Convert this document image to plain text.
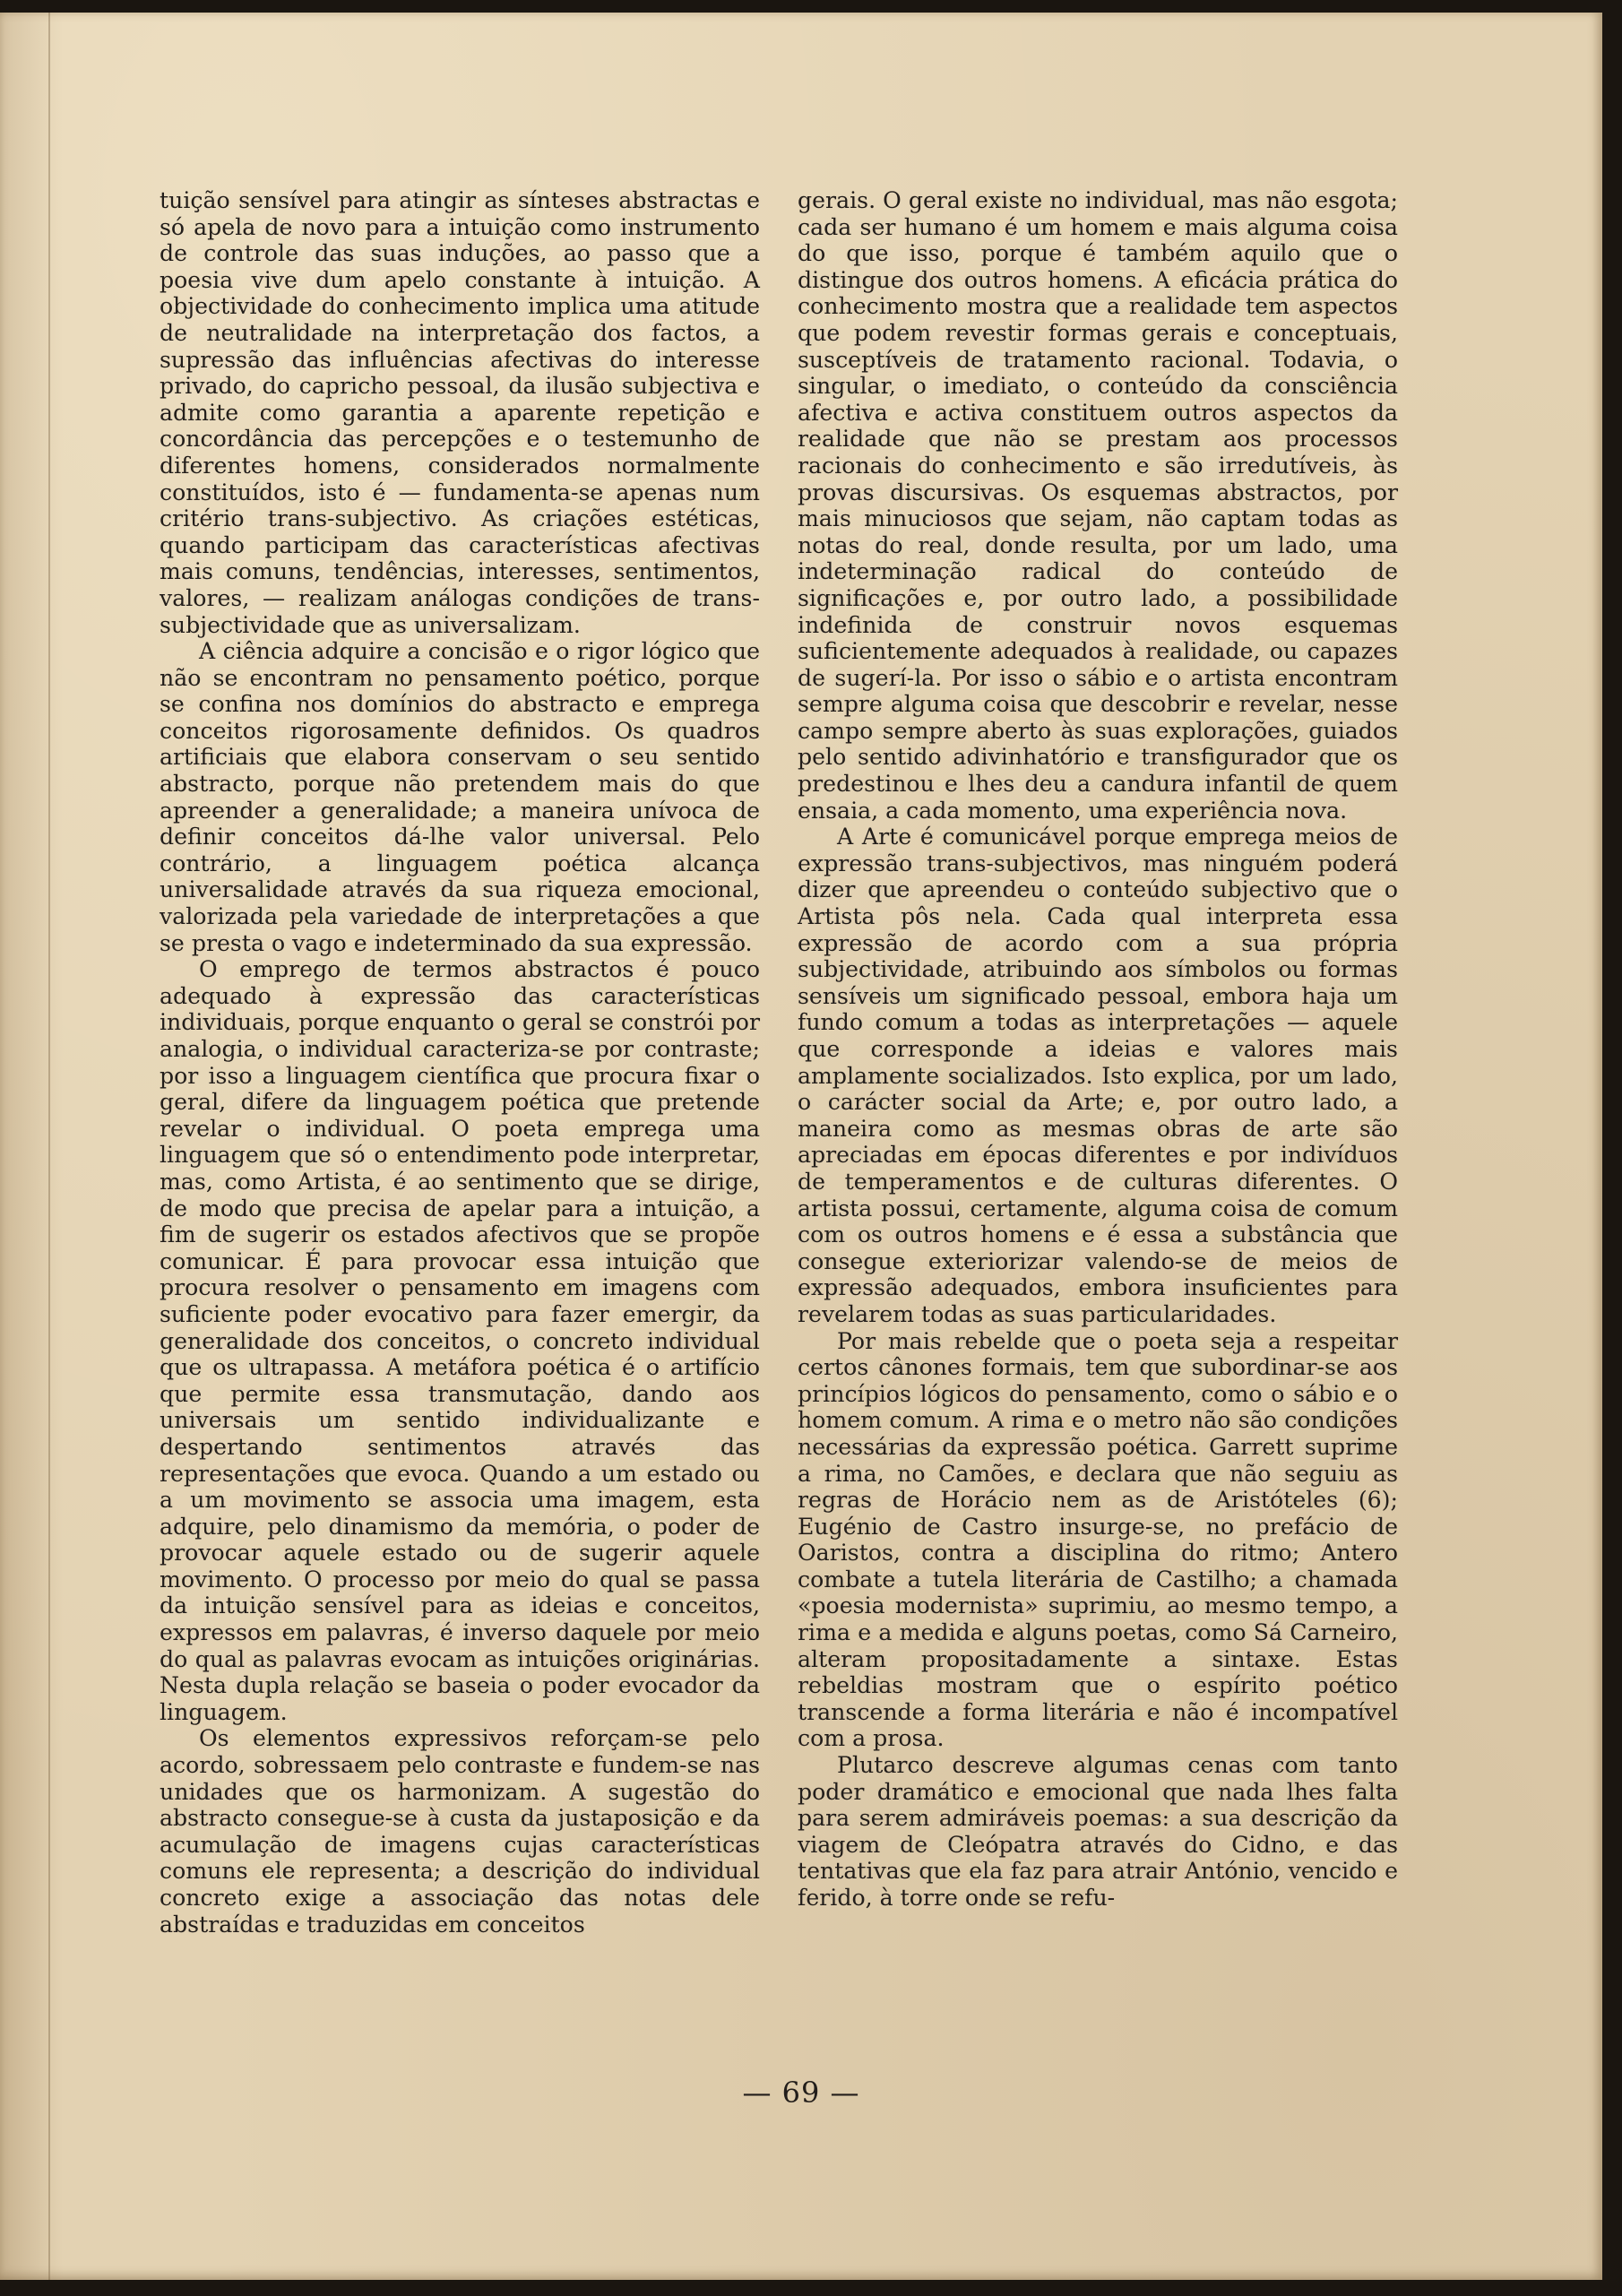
tuição sensível para atingir as sínteses abstractas e só apela de novo para a intuição como instrumento de controle das suas induções, ao passo que a poesia vive dum apelo constante à intuição. A objectividade do conhecimento implica uma atitude de neutralidade na interpretação dos factos, a supressão das influências afectivas do interesse privado, do capricho pessoal, da ilusão subjectiva e admite como garantia a aparente repetição e concordância das percepções e o testemunho de diferentes homens, considerados normalmente constituídos, isto é — fundamenta-se apenas num critério trans-subjectivo. As criações estéticas, quando participam das características afectivas mais comuns, tendências, interesses, sentimentos, valores, — realizam análogas condições de trans-subjectividade que as universalizam.

A ciência adquire a concisão e o rigor lógico que não se encontram no pensamento poético, porque se confina nos domínios do abstracto e emprega conceitos rigorosamente definidos. Os quadros artificiais que elabora conservam o seu sentido abstracto, porque não pretendem mais do que apreender a generalidade; a maneira unívoca de definir conceitos dá-lhe valor universal. Pelo contrário, a linguagem poética alcança universalidade através da sua riqueza emocional, valorizada pela variedade de interpretações a que se presta o vago e indeterminado da sua expressão.

O emprego de termos abstractos é pouco adequado à expressão das características individuais, porque enquanto o geral se constrói por analogia, o individual caracteriza-se por contraste; por isso a linguagem científica que procura fixar o geral, difere da linguagem poética que pretende revelar o individual. O poeta emprega uma linguagem que só o entendimento pode interpretar, mas, como Artista, é ao sentimento que se dirige, de modo que precisa de apelar para a intuição, a fim de sugerir os estados afectivos que se propõe comunicar. É para provocar essa intuição que procura resolver o pensamento em imagens com suficiente poder evocativo para fazer emergir, da generalidade dos conceitos, o concreto individual que os ultrapassa. A metáfora poética é o artifício que permite essa transmutação, dando aos universais um sentido individualizante e despertando sentimentos através das representações que evoca. Quando a um estado ou a um movimento se associa uma imagem, esta adquire, pelo dinamismo da memória, o poder de provocar aquele estado ou de sugerir aquele movimento. O processo por meio do qual se passa da intuição sensível para as ideias e conceitos, expressos em palavras, é inverso daquele por meio do qual as palavras evocam as intuições originárias. Nesta dupla relação se baseia o poder evocador da linguagem.

Os elementos expressivos reforçam-se pelo acordo, sobressaem pelo contraste e fundem-se nas unidades que os harmonizam. A sugestão do abstracto consegue-se à custa da justaposição e da acumulação de imagens cujas características comuns ele representa; a descrição do individual concreto exige a associação das notas dele abstraídas e traduzidas em conceitos

gerais. O geral existe no individual, mas não esgota; cada ser humano é um homem e mais alguma coisa do que isso, porque é também aquilo que o distingue dos outros homens. A eficácia prática do conhecimento mostra que a realidade tem aspectos que podem revestir formas gerais e conceptuais, susceptíveis de tratamento racional. Todavia, o singular, o imediato, o conteúdo da consciência afectiva e activa constituem outros aspectos da realidade que não se prestam aos processos racionais do conhecimento e são irredutíveis, às provas discursivas. Os esquemas abstractos, por mais minuciosos que sejam, não captam todas as notas do real, donde resulta, por um lado, uma indeterminação radical do conteúdo de significações e, por outro lado, a possibilidade indefinida de construir novos esquemas suficientemente adequados à realidade, ou capazes de sugerí-la. Por isso o sábio e o artista encontram sempre alguma coisa que descobrir e revelar, nesse campo sempre aberto às suas explorações, guiados pelo sentido adivinhatório e transfigurador que os predestinou e lhes deu a candura infantil de quem ensaia, a cada momento, uma experiência nova.

A Arte é comunicável porque emprega meios de expressão trans-subjectivos, mas ninguém poderá dizer que apreendeu o conteúdo subjectivo que o Artista pôs nela. Cada qual interpreta essa expressão de acordo com a sua própria subjectividade, atribuindo aos símbolos ou formas sensíveis um significado pessoal, embora haja um fundo comum a todas as interpretações — aquele que corresponde a ideias e valores mais amplamente socializados. Isto explica, por um lado, o carácter social da Arte; e, por outro lado, a maneira como as mesmas obras de arte são apreciadas em épocas diferentes e por indivíduos de temperamentos e de culturas diferentes. O artista possui, certamente, alguma coisa de comum com os outros homens e é essa a substância que consegue exteriorizar valendo-se de meios de expressão adequados, embora insuficientes para revelarem todas as suas particularidades.

Por mais rebelde que o poeta seja a respeitar certos cânones formais, tem que subordinar-se aos princípios lógicos do pensamento, como o sábio e o homem comum. A rima e o metro não são condições necessárias da expressão poética. Garrett suprime a rima, no Camões, e declara que não seguiu as regras de Horácio nem as de Aristóteles (6); Eugénio de Castro insurge-se, no prefácio de Oaristos, contra a disciplina do ritmo; Antero combate a tutela literária de Castilho; a chamada «poesia modernista» suprimiu, ao mesmo tempo, a rima e a medida e alguns poetas, como Sá Carneiro, alteram propositadamente a sintaxe. Estas rebeldias mostram que o espírito poético transcende a forma literária e não é incompatível com a prosa.

Plutarco descreve algumas cenas com tanto poder dramático e emocional que nada lhes falta para serem admiráveis poemas: a sua descrição da viagem de Cleópatra através do Cidno, e das tentativas que ela faz para atrair António, vencido e ferido, à torre onde se refu-

— 69 —
